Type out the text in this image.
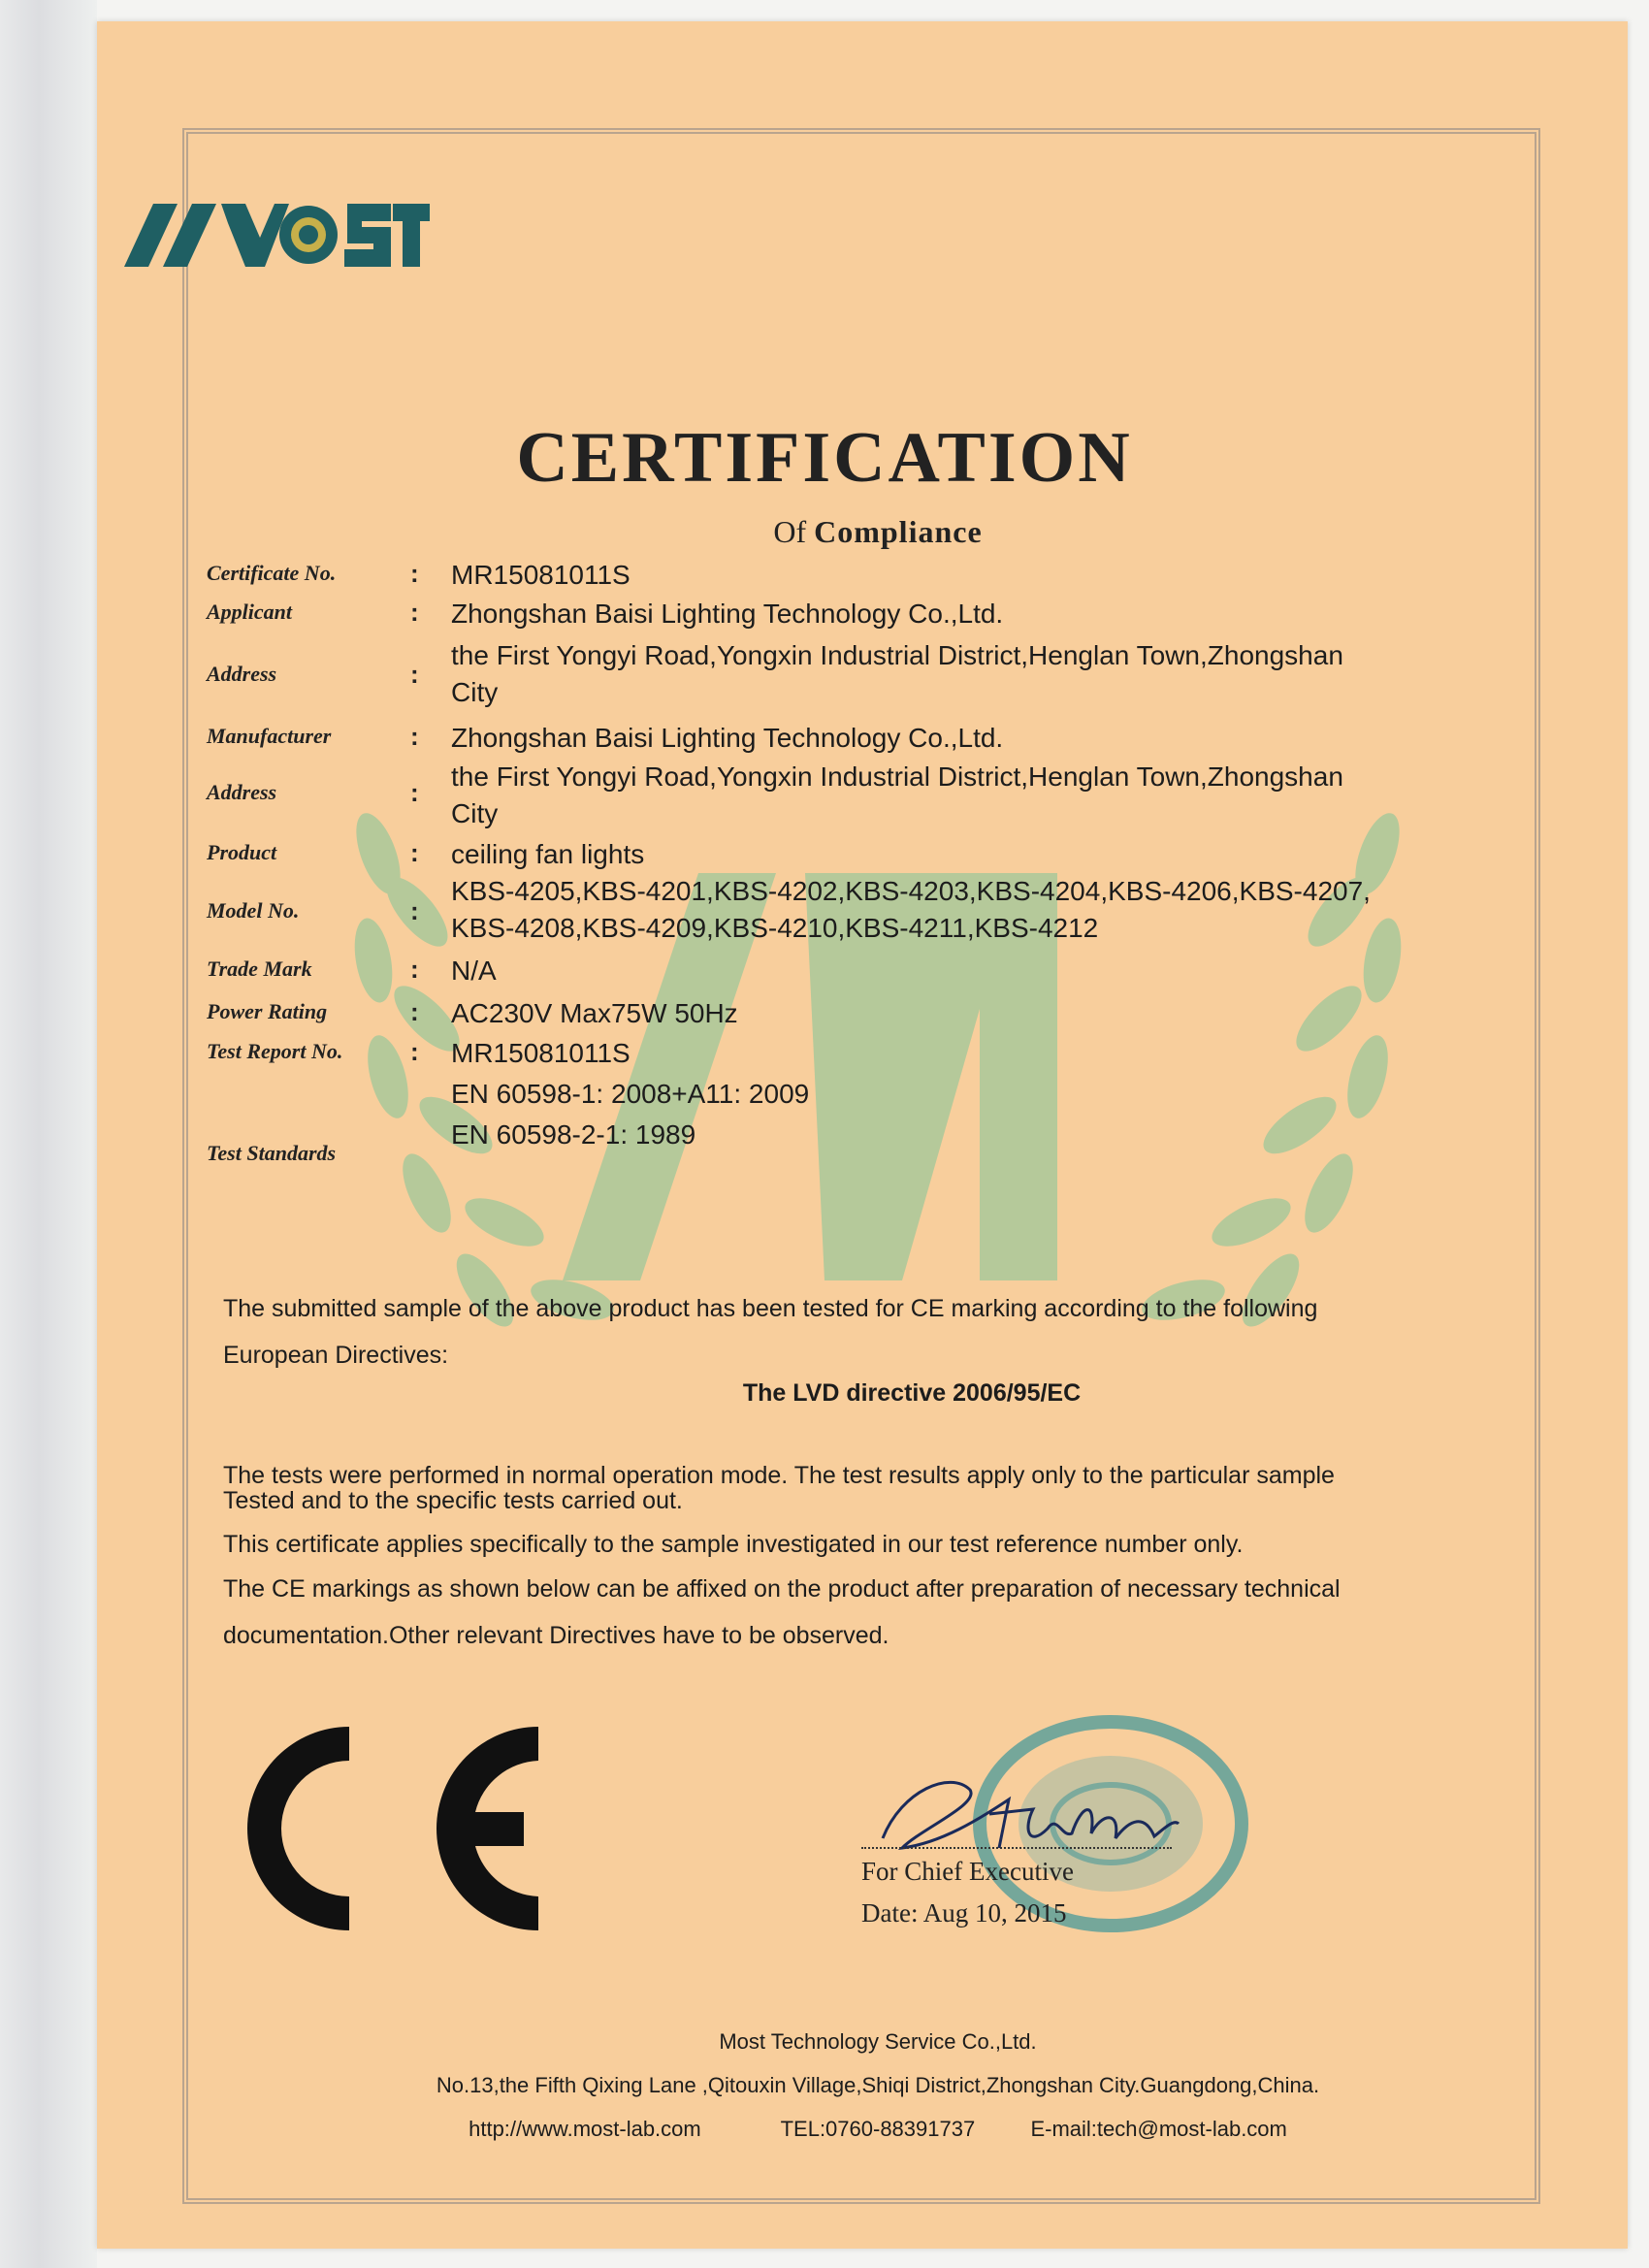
CERTIFICATION
Of Compliance
Certificate No.	: MR15081011S
Applicant	: Zhongshan Baisi Lighting Technology Co.,Ltd.
Address	:
the First Yongyi Road,Yongxin Industrial District,Henglan Town,Zhongshan
City
Manufacturer	: Zhongshan Baisi Lighting Technology Co.,Ltd.
Address	:
the First Yongyi Road,Yongxin Industrial District,Henglan Town,Zhongshan
City
Product	: ceiling fan lights
Model No.	:
KBS-4205,KBS-4201,KBS-4202,KBS-4203,KBS-4204,KBS-4206,KBS-4207,
KBS-4208,KBS-4209,KBS-4210,KBS-4211,KBS-4212
Trade Mark	: N/A
Power Rating	: AC230V Max75W 50Hz
Test Report No.	: MR15081011S
Test Standards
EN 60598-1: 2008+A11: 2009
EN 60598-2-1: 1989
The submitted sample of the above product has been tested for CE marking according to the following
European Directives:
The LVD directive 2006/95/EC
The tests were performed in normal operation mode. The test results apply only to the particular sample
Tested and to the specific tests carried out.
This certificate applies specifically to the sample investigated in our test reference number only.
The CE markings as shown below can be affixed on the product after preparation of necessary technical
documentation.Other relevant Directives have to be observed.
For Chief Executive
Date: Aug 10, 2015
Most Technology Service Co.,Ltd.
No.13,the Fifth Qixing Lane ,Qitouxin Village,Shiqi District,Zhongshan City.Guangdong,China.
http://www.most-lab.com	TEL:0760-88391737	E-mail:tech@most-lab.com
